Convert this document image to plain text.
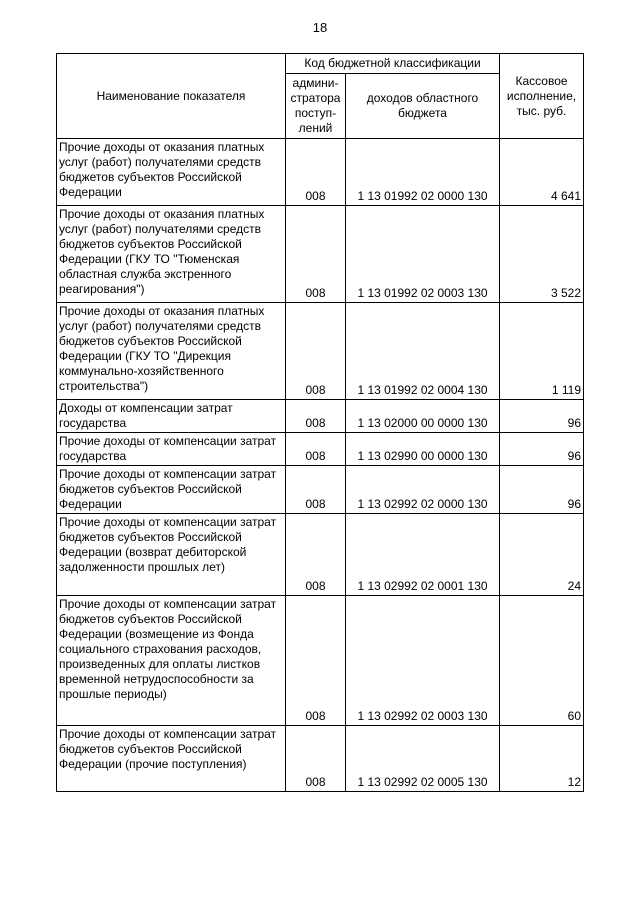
18
Наименование показателя	Код бюджетной классификации		Кассовое исполнение, тыс. руб.
	админи-стратора поступ-лений	доходов областного бюджета	
Прочие доходы от оказания платных услуг (работ) получателями средств бюджетов субъектов Российской Федерации	008	1 13 01992 02 0000 130	4 641
Прочие доходы от оказания платных услуг (работ) получателями средств бюджетов субъектов Российской Федерации (ГКУ ТО "Тюменская областная служба экстренного реагирования")	008	1 13 01992 02 0003 130	3 522
Прочие доходы от оказания платных услуг (работ) получателями средств бюджетов субъектов Российской Федерации (ГКУ ТО "Дирекция коммунально-хозяйственного строительства")	008	1 13 01992 02 0004 130	1 119
Доходы от компенсации затрат государства	008	1 13 02000 00 0000 130	96
Прочие доходы от компенсации затрат государства	008	1 13 02990 00 0000 130	96
Прочие доходы от компенсации затрат бюджетов субъектов Российской Федерации	008	1 13 02992 02 0000 130	96
Прочие доходы от компенсации затрат бюджетов субъектов Российской Федерации (возврат дебиторской задолженности прошлых лет)	008	1 13 02992 02 0001 130	24
Прочие доходы от компенсации затрат бюджетов субъектов Российской Федерации (возмещение из Фонда социального страхования расходов, произведенных для оплаты листков временной нетрудоспособности за прошлые периоды)	008	1 13 02992 02 0003 130	60
Прочие доходы от компенсации затрат бюджетов субъектов Российской Федерации (прочие поступления)	008	1 13 02992 02 0005 130	12
